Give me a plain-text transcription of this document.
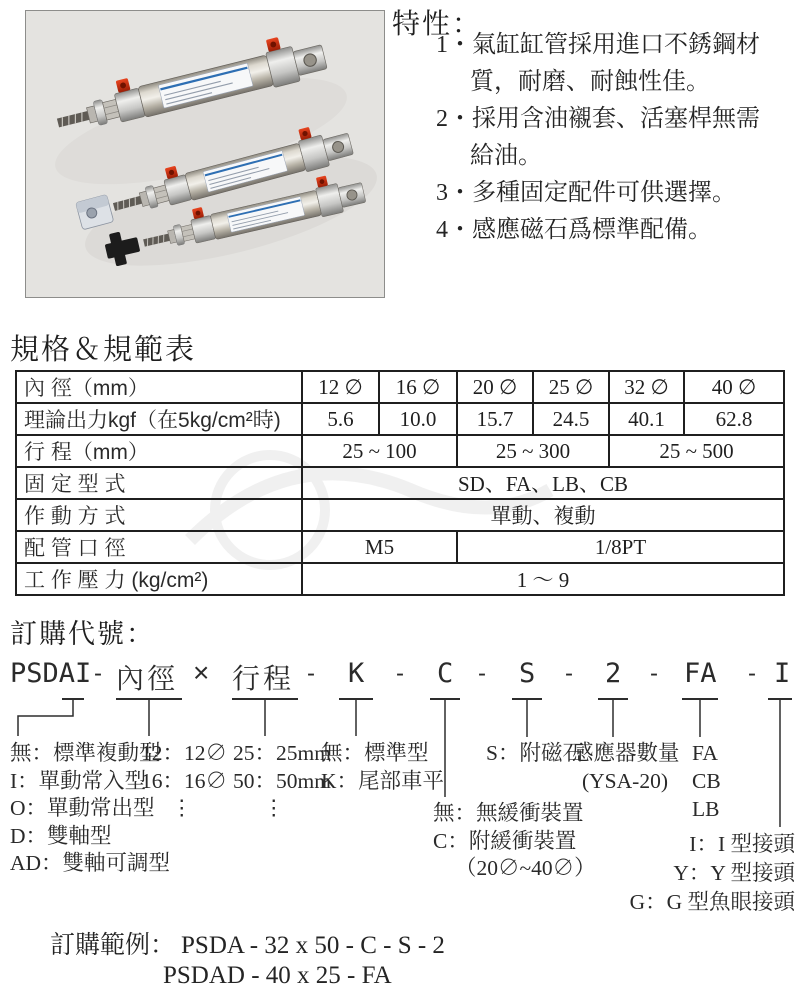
特性：
1・氣缸缸管採用進口不銹鋼材
質，耐磨、耐蝕性佳。
2・採用含油襯套、活塞桿無需
給油。
3・多種固定配件可供選擇。
4・感應磁石爲標準配備。
規格＆規範表
內 徑（mm）	12 ∅	16 ∅	20 ∅	25 ∅	32 ∅	40 ∅
理論出力kgf（在5kg/cm²時)	5.6	10.0	15.7	24.5	40.1	62.8
行 程（mm）	25 ~ 100		25 ~ 300		25 ~ 500	
固 定 型 式	SD、FA、LB、CB					
作 動 方 式	單動、複動					
配 管 口 徑	M5		1/8PT			
工 作 壓 力 (kg/cm²)	1 ～ 9					
訂購代號：
PSDAI - 內徑 × 行程 - K - C - S - 2 - FA - I
無：標準複動型
I：單動常入型
O：單動常出型
D：雙軸型
AD：雙軸可調型
12：12∅
16：16∅
⋮
25：25mm
50：50mm
⋮
無：標準型
K：尾部車平
無：無緩衝裝置
C：附緩衝裝置
（20∅~40∅）
S：附磁石
感應器數量
(YSA-20)
FA
CB
LB
I：I 型接頭
Y：Y 型接頭
G：G 型魚眼接頭
訂購範例： PSDA - 32 x 50 - C - S - 2
PSDAD - 40 x 25 - FA
